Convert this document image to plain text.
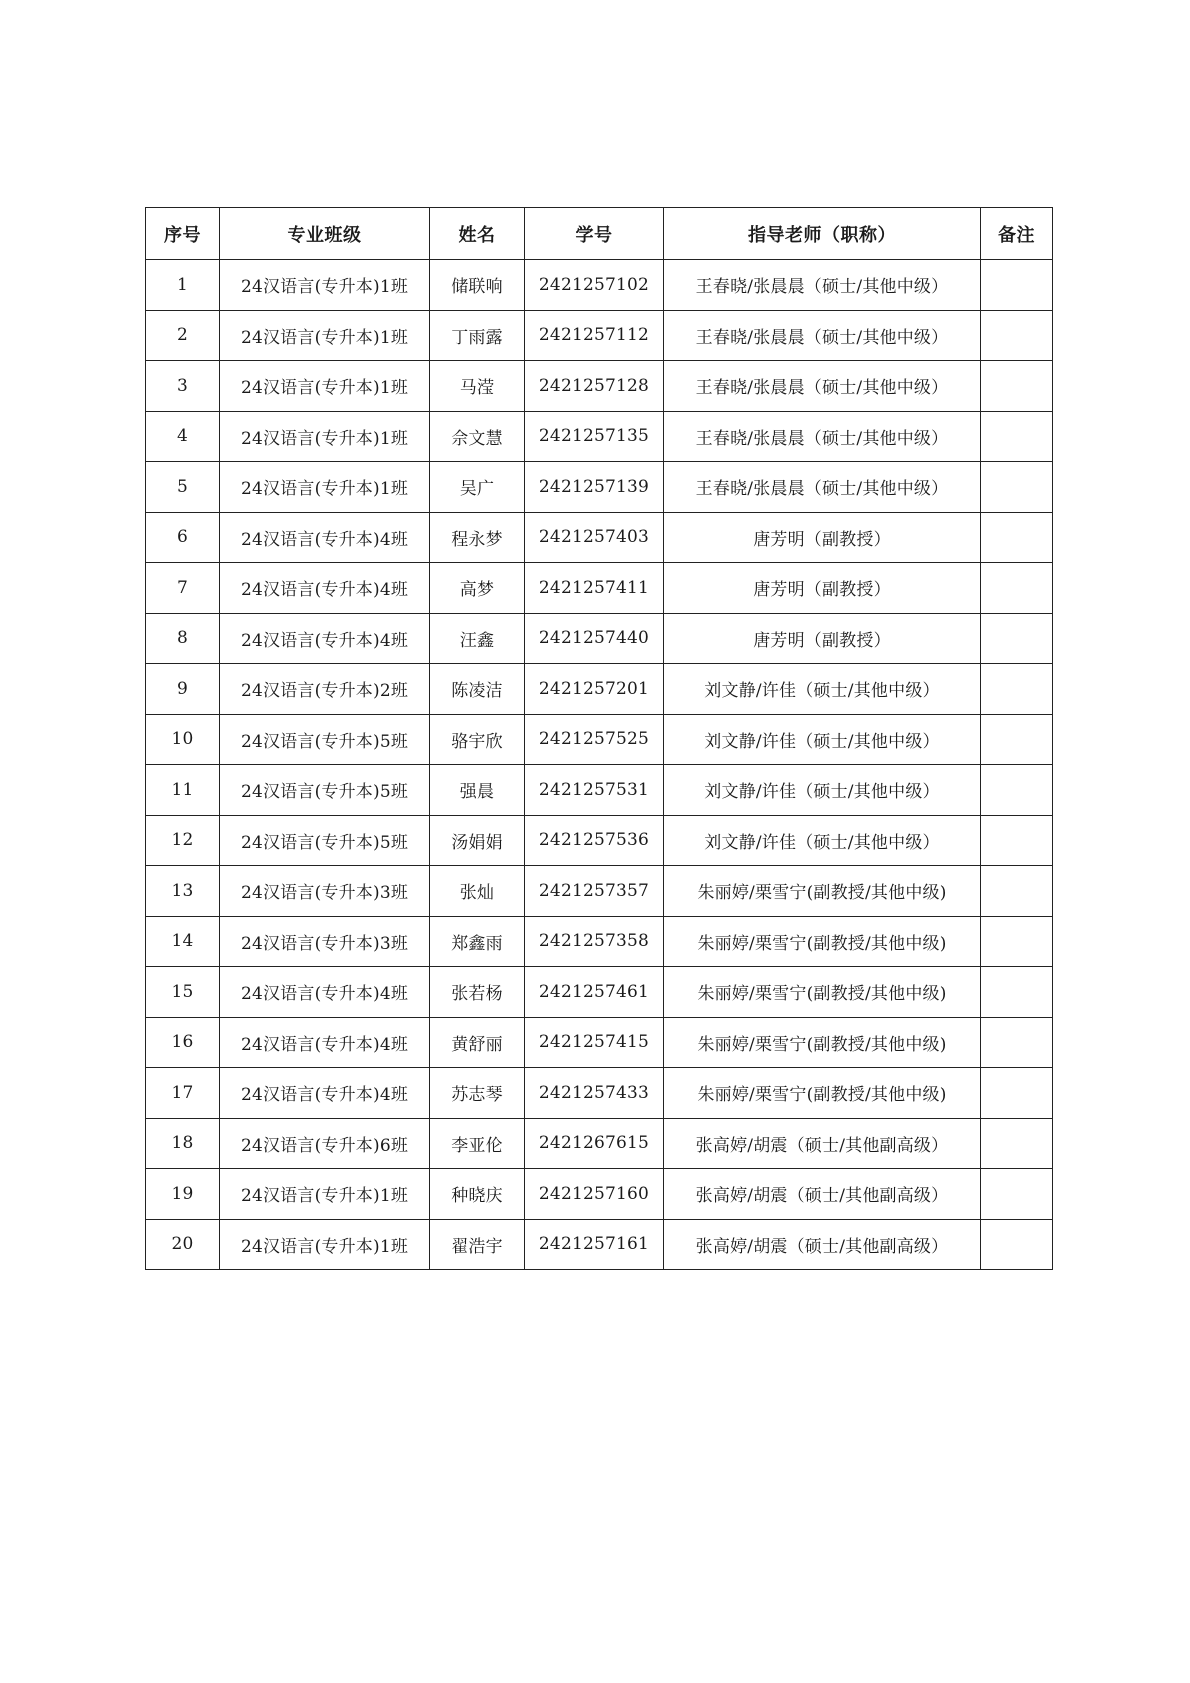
序号	专业班级	姓名	学号	指导老师（职称）	备注
1	24汉语言(专升本)1班	储联响	2421257102	王春晓/张晨晨（硕士/其他中级）	
2	24汉语言(专升本)1班	丁雨露	2421257112	王春晓/张晨晨（硕士/其他中级）	
3	24汉语言(专升本)1班	马滢	2421257128	王春晓/张晨晨（硕士/其他中级）	
4	24汉语言(专升本)1班	佘文慧	2421257135	王春晓/张晨晨（硕士/其他中级）	
5	24汉语言(专升本)1班	吴广	2421257139	王春晓/张晨晨（硕士/其他中级）	
6	24汉语言(专升本)4班	程永梦	2421257403	唐芳明（副教授）	
7	24汉语言(专升本)4班	高梦	2421257411	唐芳明（副教授）	
8	24汉语言(专升本)4班	汪鑫	2421257440	唐芳明（副教授）	
9	24汉语言(专升本)2班	陈凌洁	2421257201	刘文静/许佳（硕士/其他中级）	
10	24汉语言(专升本)5班	骆宇欣	2421257525	刘文静/许佳（硕士/其他中级）	
11	24汉语言(专升本)5班	强晨	2421257531	刘文静/许佳（硕士/其他中级）	
12	24汉语言(专升本)5班	汤娟娟	2421257536	刘文静/许佳（硕士/其他中级）	
13	24汉语言(专升本)3班	张灿	2421257357	朱丽婷/栗雪宁(副教授/其他中级)	
14	24汉语言(专升本)3班	郑鑫雨	2421257358	朱丽婷/栗雪宁(副教授/其他中级)	
15	24汉语言(专升本)4班	张若杨	2421257461	朱丽婷/栗雪宁(副教授/其他中级)	
16	24汉语言(专升本)4班	黄舒丽	2421257415	朱丽婷/栗雪宁(副教授/其他中级)	
17	24汉语言(专升本)4班	苏志琴	2421257433	朱丽婷/栗雪宁(副教授/其他中级)	
18	24汉语言(专升本)6班	李亚伦	2421267615	张高婷/胡震（硕士/其他副高级）	
19	24汉语言(专升本)1班	种晓庆	2421257160	张高婷/胡震（硕士/其他副高级）	
20	24汉语言(专升本)1班	翟浩宇	2421257161	张高婷/胡震（硕士/其他副高级）	
